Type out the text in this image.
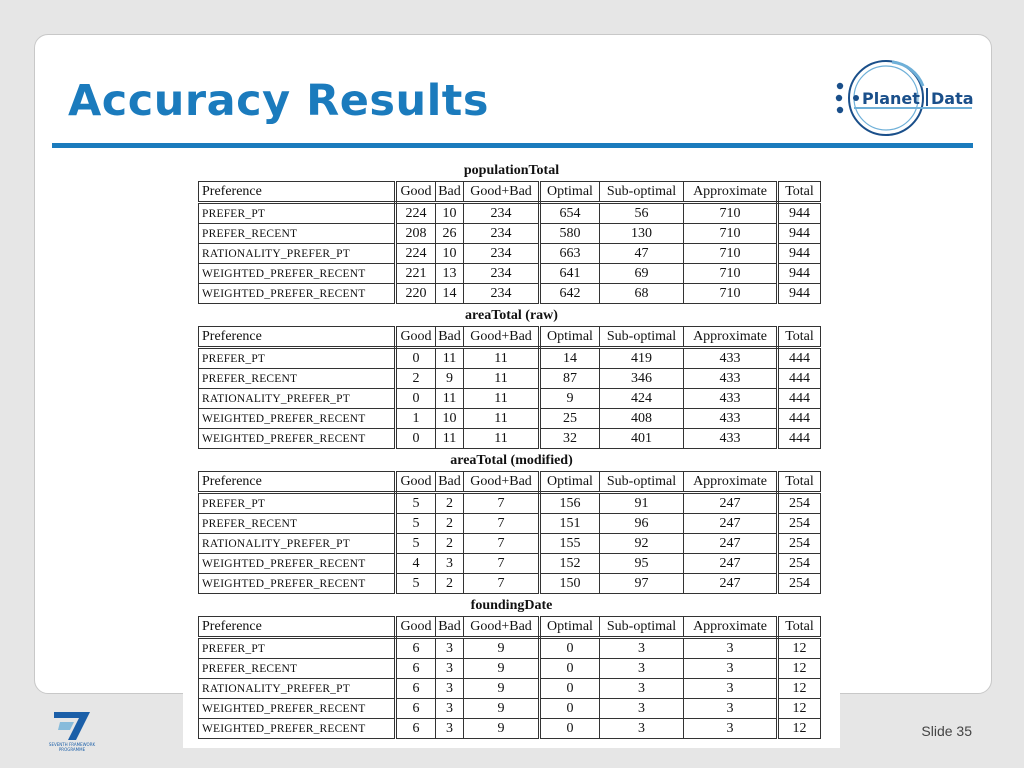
Accuracy Results	Planet Data
populationTotal
Preference	Good	Bad	Good+Bad	Optimal	Sub-optimal	Approximate	Total
PREFER_PT	224	10	234	654	56	710	944
PREFER_RECENT	208	26	234	580	130	710	944
RATIONALITY_PREFER_PT	224	10	234	663	47	710	944
WEIGHTED_PREFER_RECENT	221	13	234	641	69	710	944
WEIGHTED_PREFER_RECENT	220	14	234	642	68	710	944
areaTotal (raw)
Preference	Good	Bad	Good+Bad	Optimal	Sub-optimal	Approximate	Total
PREFER_PT	0	11	11	14	419	433	444
PREFER_RECENT	2	9	11	87	346	433	444
RATIONALITY_PREFER_PT	0	11	11	9	424	433	444
WEIGHTED_PREFER_RECENT	1	10	11	25	408	433	444
WEIGHTED_PREFER_RECENT	0	11	11	32	401	433	444
areaTotal (modified)
Preference	Good	Bad	Good+Bad	Optimal	Sub-optimal	Approximate	Total
PREFER_PT	5	2	7	156	91	247	254
PREFER_RECENT	5	2	7	151	96	247	254
RATIONALITY_PREFER_PT	5	2	7	155	92	247	254
WEIGHTED_PREFER_RECENT	4	3	7	152	95	247	254
WEIGHTED_PREFER_RECENT	5	2	7	150	97	247	254
foundingDate
Preference	Good	Bad	Good+Bad	Optimal	Sub-optimal	Approximate	Total
PREFER_PT	6	3	9	0	3	3	12
PREFER_RECENT	6	3	9	0	3	3	12
RATIONALITY_PREFER_PT	6	3	9	0	3	3	12
WEIGHTED_PREFER_RECENT	6	3	9	0	3	3	12
WEIGHTED_PREFER_RECENT	6	3	9	0	3	3	12
SEVENTH FRAMEWORK
PROGRAMME
Slide 35
